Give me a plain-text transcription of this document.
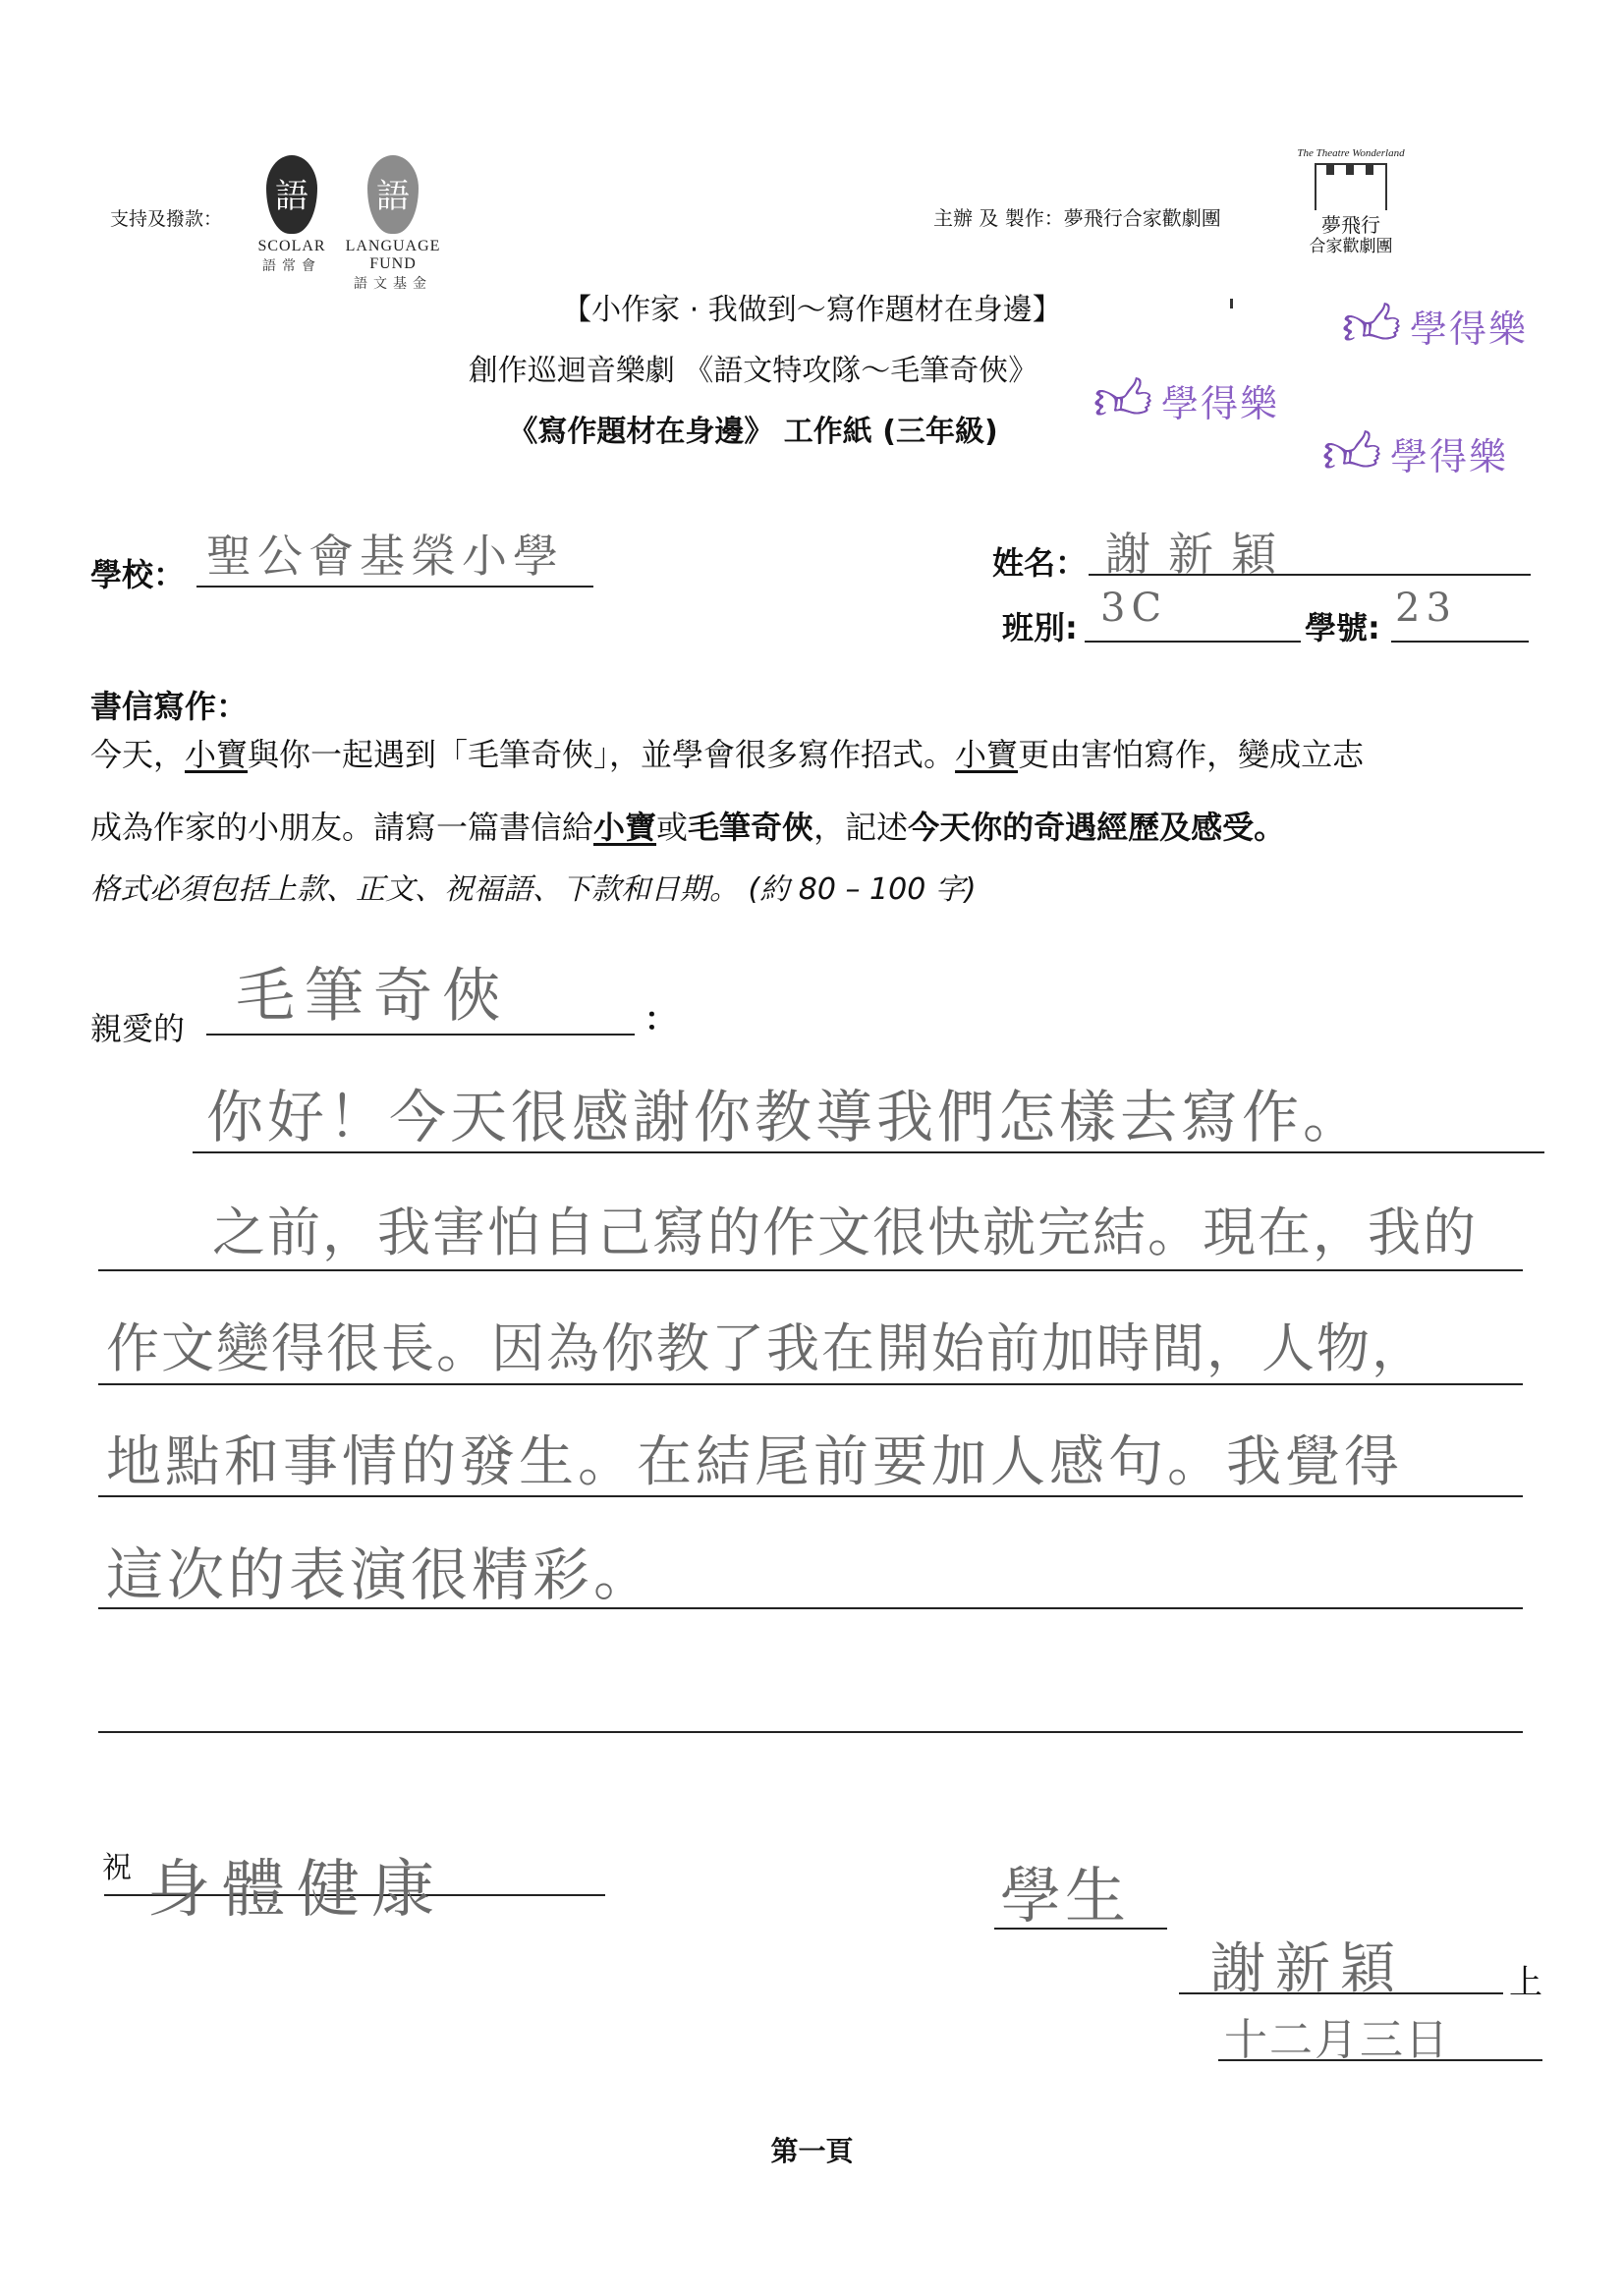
支持及撥款：
語
SCOLAR
語常會
語
LANGUAGE FUND
語文基金
主辦 及 製作：夢飛行合家歡劇團
The Theatre Wonderland
夢飛行
合家歡劇團
【小作家 · 我做到～寫作題材在身邊】
創作巡迴音樂劇 《語文特攻隊～毛筆奇俠》
《寫作題材在身邊》 工作紙 (三年級)
👍︎ 學得樂
👍︎ 學得樂
👍︎ 學得樂
學校： 聖公會基榮小學	姓名： 謝新穎
班別: 3C	學號: 23
書信寫作：
今天，小寶與你一起遇到「毛筆奇俠」，並學會很多寫作招式。小寶更由害怕寫作，變成立志
成為作家的小朋友。請寫一篇書信給小寶或毛筆奇俠，記述今天你的奇遇經歷及感受。
格式必須包括上款、正文、祝福語、下款和日期。 (約 80 – 100 字)
親愛的	：
毛筆奇俠
你好！今天很感謝你教導我們怎樣去寫作。
之前，我害怕自己寫的作文很快就完結。現在，我的
作文變得很長。因為你教了我在開始前加時間，人物，
地點和事情的發生。在結尾前要加人感句。我覺得
這次的表演很精彩。
祝 身體健康	學生
謝新穎	上
十二月三日
第一頁
